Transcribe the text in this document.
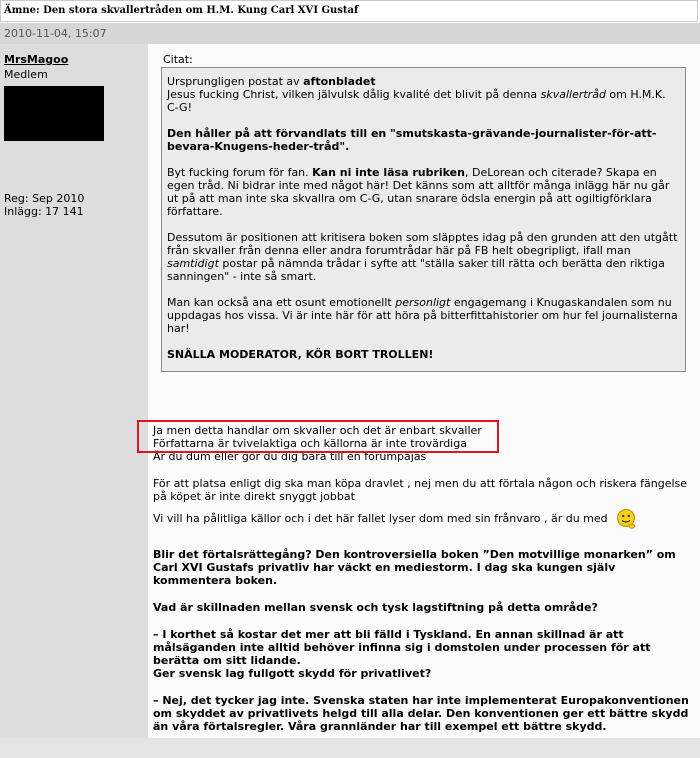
Ämne: Den stora skvallertråden om H.M. Kung Carl XVI Gustaf
2010-11-04, 15:07
MrsMagoo
Medlem
Reg: Sep 2010
Inlägg: 17 141
Citat:

Ursprungligen postat av aftonbladet

Jesus fucking Christ, vilken jälvulsk dålig kvalité det blivit på denna skvallertråd om H.M.K. C-G!

Den håller på att förvandlats till en "smutskasta-grävande-journalister-för-att-bevara-Knugens-heder-tråd".

Byt fucking forum för fan. Kan ni inte läsa rubriken, DeLorean och citerade? Skapa en egen tråd. Ni bidrar inte med något här! Det känns som att alltför många inlägg här nu går ut på att man inte ska skvallra om C-G, utan snarare ödsla energin på att ogiltigförklara författare.

Dessutom är positionen att kritisera boken som släpptes idag på den grunden att den utgått från skvaller från denna eller andra forumtrådar här på FB helt obegripligt, ifall man samtidigt postar på nämnda trådar i syfte att "ställa saker till rätta och berätta den riktiga sanningen" - inte så smart.

Man kan också ana ett osunt emotionellt personligt engagemang i Knugaskandalen som nu uppdagas hos vissa. Vi är inte här för att höra på bitterfittahistorier om hur fel journalisterna har!

SNÄLLA MODERATOR, KÖR BORT TROLLEN!

Ja men detta handlar om skvaller och det är enbart skvaller

Författarna är tvivelaktiga och källorna är inte trovärdiga

Är du dum eller gör du dig bara till en forumpajas

För att platsa enligt dig ska man köpa dravlet , nej men du att förtala någon och riskera fängelse på köpet är inte direkt snyggt jobbat
Vi vill ha pålitliga källor och i det här fallet lyser dom med sin frånvaro , är du med
Blir det förtalsrättegång? Den kontroversiella boken ”Den motvillige monarken” om Carl XVI Gustafs privatliv har väckt en mediestorm. I dag ska kungen själv kommentera boken.
Vad är skillnaden mellan svensk och tysk lagstiftning på detta område?

– I korthet så kostar det mer att bli fälld i Tyskland. En annan skillnad är att målsäganden inte alltid behöver infinna sig i domstolen under processen för att berätta om sitt lidande.

Ger svensk lag fullgott skydd för privatlivet?

– Nej, det tycker jag inte. Svenska staten har inte implementerat Europakonventionen om skyddet av privatlivets helgd till alla delar. Den konventionen ger ett bättre skydd än våra förtalsregler. Våra grannländer har till exempel ett bättre skydd.
